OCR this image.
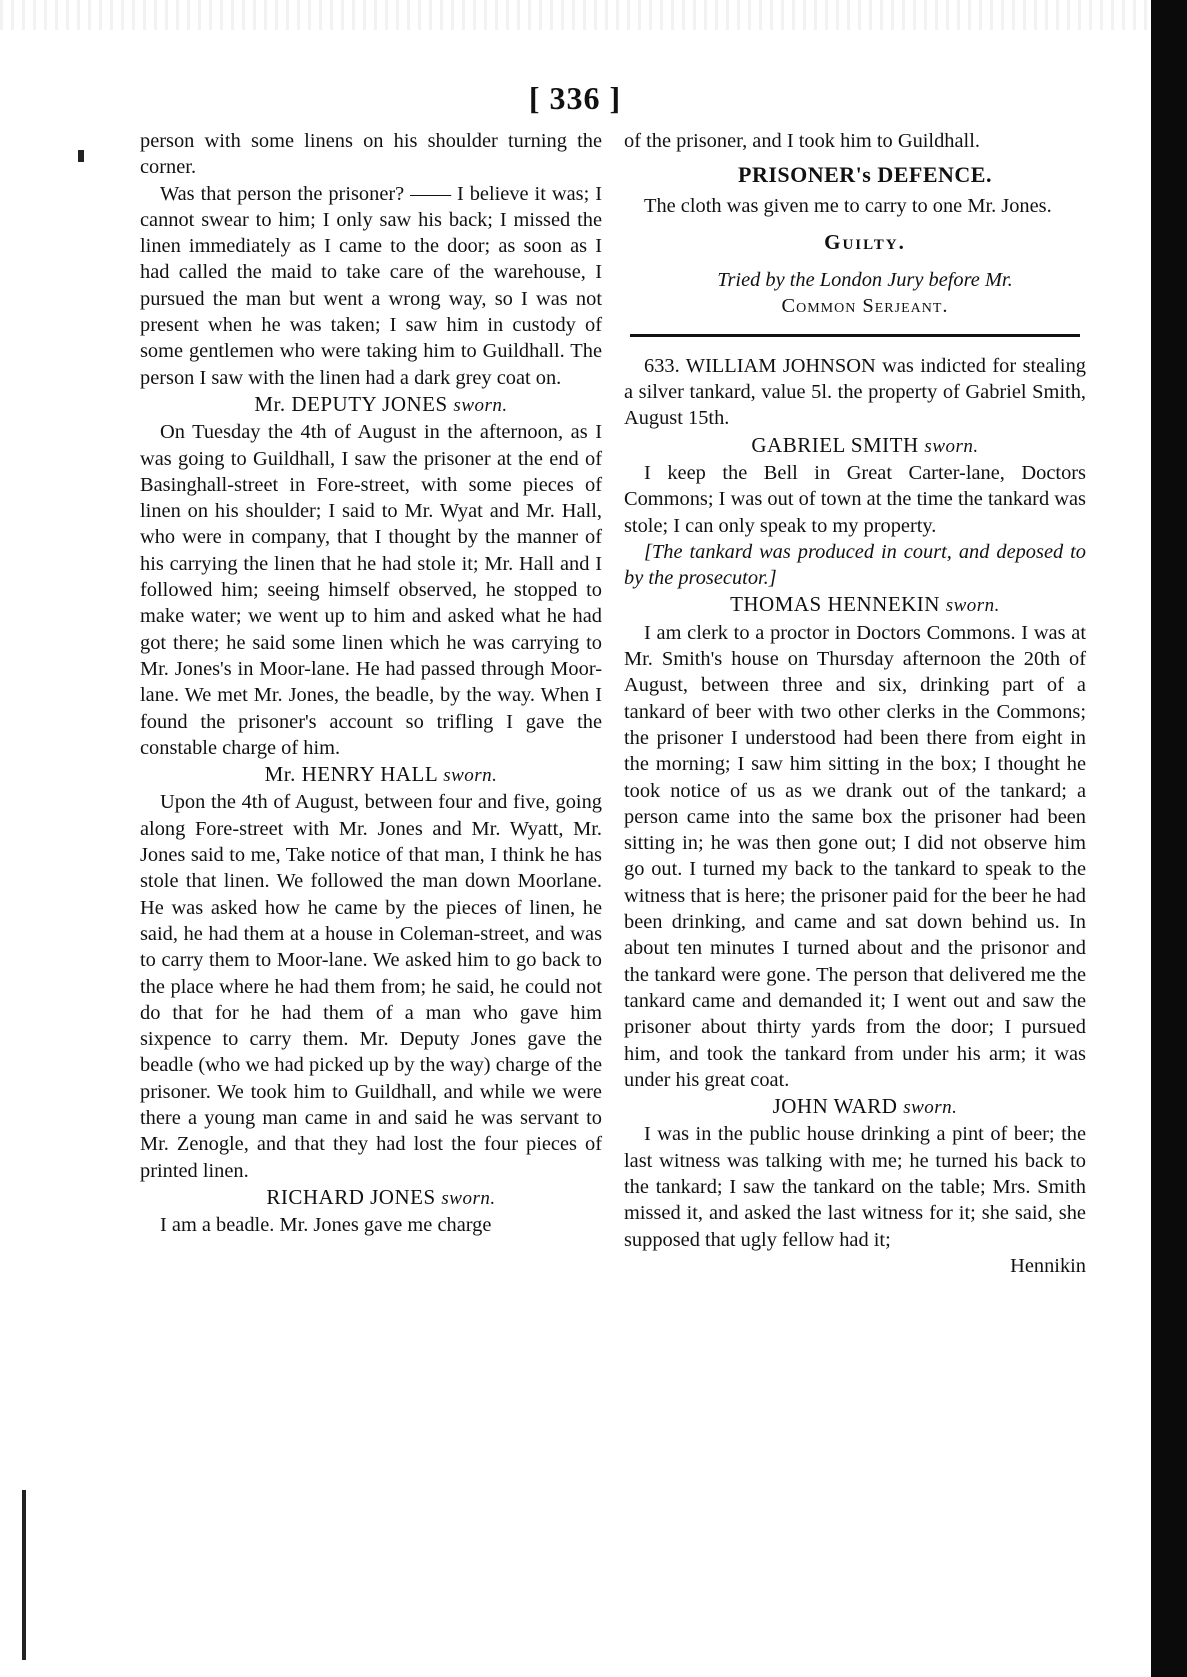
[ 336 ]

person with some linens on his shoulder turning the corner.

Was that person the prisoner? —— I believe it was; I cannot swear to him; I only saw his back; I missed the linen immediately as I came to the door; as soon as I had called the maid to take care of the warehouse, I pursued the man but went a wrong way, so I was not present when he was taken; I saw him in custody of some gentlemen who were taking him to Guildhall. The person I saw with the linen had a dark grey coat on.

Mr. DEPUTY JONES sworn.

On Tuesday the 4th of August in the afternoon, as I was going to Guildhall, I saw the prisoner at the end of Basinghall-street in Fore-street, with some pieces of linen on his shoulder; I said to Mr. Wyat and Mr. Hall, who were in company, that I thought by the manner of his carrying the linen that he had stole it; Mr. Hall and I followed him; seeing himself observed, he stopped to make water; we went up to him and asked what he had got there; he said some linen which he was carrying to Mr. Jones's in Moor-lane. He had passed through Moor-lane. We met Mr. Jones, the beadle, by the way. When I found the prisoner's account so trifling I gave the constable charge of him.

Mr. HENRY HALL sworn.

Upon the 4th of August, between four and five, going along Fore-street with Mr. Jones and Mr. Wyatt, Mr. Jones said to me, Take notice of that man, I think he has stole that linen. We followed the man down Moorlane. He was asked how he came by the pieces of linen, he said, he had them at a house in Coleman-street, and was to carry them to Moor-lane. We asked him to go back to the place where he had them from; he said, he could not do that for he had them of a man who gave him sixpence to carry them. Mr. Deputy Jones gave the beadle (who we had picked up by the way) charge of the prisoner. We took him to Guildhall, and while we were there a young man came in and said he was servant to Mr. Zenogle, and that they had lost the four pieces of printed linen.

RICHARD JONES sworn.

I am a beadle. Mr. Jones gave me charge

of the prisoner, and I took him to Guildhall.

PRISONER's DEFENCE.

The cloth was given me to carry to one Mr. Jones.

Guilty.

Tried by the London Jury before Mr.

Common Serjeant.

633. WILLIAM JOHNSON was indicted for stealing a silver tankard, value 5l. the property of Gabriel Smith, August 15th.

GABRIEL SMITH sworn.

I keep the Bell in Great Carter-lane, Doctors Commons; I was out of town at the time the tankard was stole; I can only speak to my property.

[The tankard was produced in court, and deposed to by the prosecutor.]

THOMAS HENNEKIN sworn.

I am clerk to a proctor in Doctors Commons. I was at Mr. Smith's house on Thursday afternoon the 20th of August, between three and six, drinking part of a tankard of beer with two other clerks in the Commons; the prisoner I understood had been there from eight in the morning; I saw him sitting in the box; I thought he took notice of us as we drank out of the tankard; a person came into the same box the prisoner had been sitting in; he was then gone out; I did not observe him go out. I turned my back to the tankard to speak to the witness that is here; the prisoner paid for the beer he had been drinking, and came and sat down behind us. In about ten minutes I turned about and the prisonor and the tankard were gone. The person that delivered me the tankard came and demanded it; I went out and saw the prisoner about thirty yards from the door; I pursued him, and took the tankard from under his arm; it was under his great coat.

JOHN WARD sworn.

I was in the public house drinking a pint of beer; the last witness was talking with me; he turned his back to the tankard; I saw the tankard on the table; Mrs. Smith missed it, and asked the last witness for it; she said, she supposed that ugly fellow had it;

Hennikin
